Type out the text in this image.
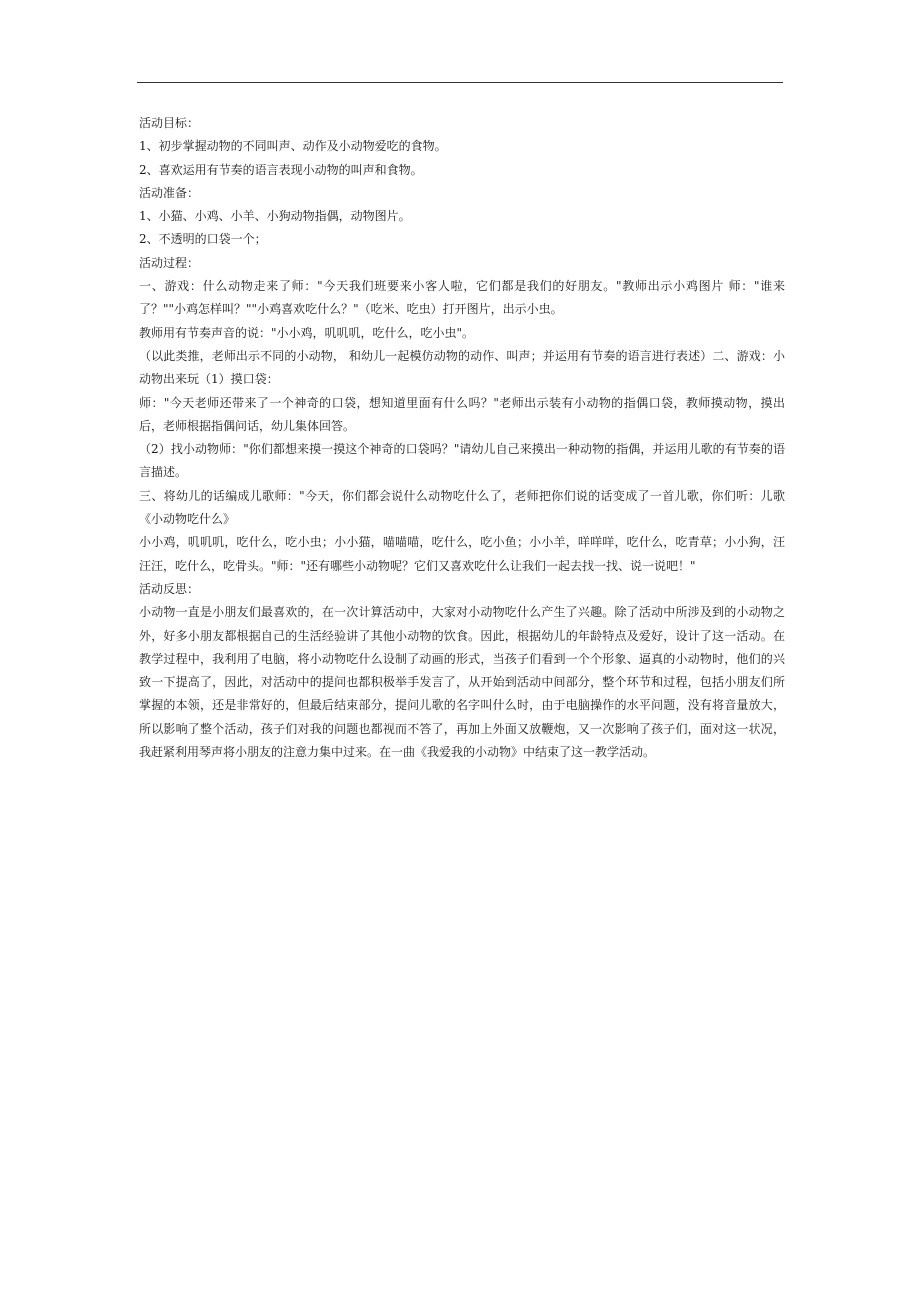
活动目标：

1、初步掌握动物的不同叫声、动作及小动物爱吃的食物。

2、喜欢运用有节奏的语言表现小动物的叫声和食物。

活动准备：

1、小猫、小鸡、小羊、小狗动物指偶，动物图片。

2、不透明的口袋一个；

活动过程：

一、游戏：什么动物走来了师："今天我们班要来小客人啦，它们都是我们的好朋友。"教师出示小鸡图片 师："谁来了？""小鸡怎样叫？""小鸡喜欢吃什么？"（吃米、吃虫）打开图片，出示小虫。

教师用有节奏声音的说："小小鸡，叽叽叽，吃什么，吃小虫"。

（以此类推，老师出示不同的小动物， 和幼儿一起模仿动物的动作、叫声；并运用有节奏的语言进行表述）二、游戏：小动物出来玩（1）摸口袋：

师："今天老师还带来了一个神奇的口袋，想知道里面有什么吗？"老师出示装有小动物的指偶口袋，教师摸动物，摸出后，老师根据指偶问话，幼儿集体回答。

（2）找小动物师："你们都想来摸一摸这个神奇的口袋吗？"请幼儿自己来摸出一种动物的指偶，并运用儿歌的有节奏的语言描述。

三、将幼儿的话编成儿歌师："今天，你们都会说什么动物吃什么了，老师把你们说的话变成了一首儿歌，你们听：儿歌《小动物吃什么》

小小鸡，叽叽叽，吃什么，吃小虫；小小猫，喵喵喵，吃什么，吃小鱼；小小羊，咩咩咩，吃什么，吃青草；小小狗，汪汪汪，吃什么，吃骨头。"师："还有哪些小动物呢？它们又喜欢吃什么让我们一起去找一找、说一说吧！"

活动反思：

小动物一直是小朋友们最喜欢的，在一次计算活动中，大家对小动物吃什么产生了兴趣。除了活动中所涉及到的小动物之外，好多小朋友都根据自己的生活经验讲了其他小动物的饮食。因此，根据幼儿的年龄特点及爱好，设计了这一活动。在教学过程中，我利用了电脑，将小动物吃什么设制了动画的形式，当孩子们看到一个个形象、逼真的小动物时，他们的兴致一下提高了，因此，对活动中的提问也都积极举手发言了，从开始到活动中间部分，整个环节和过程，包括小朋友们所掌握的本领，还是非常好的，但最后结束部分，提问儿歌的名字叫什么时，由于电脑操作的水平问题，没有将音量放大，所以影响了整个活动，孩子们对我的问题也都视而不答了，再加上外面又放鞭炮，又一次影响了孩子们，面对这一状况，我赶紧利用琴声将小朋友的注意力集中过来。在一曲《我爱我的小动物》中结束了这一教学活动。
